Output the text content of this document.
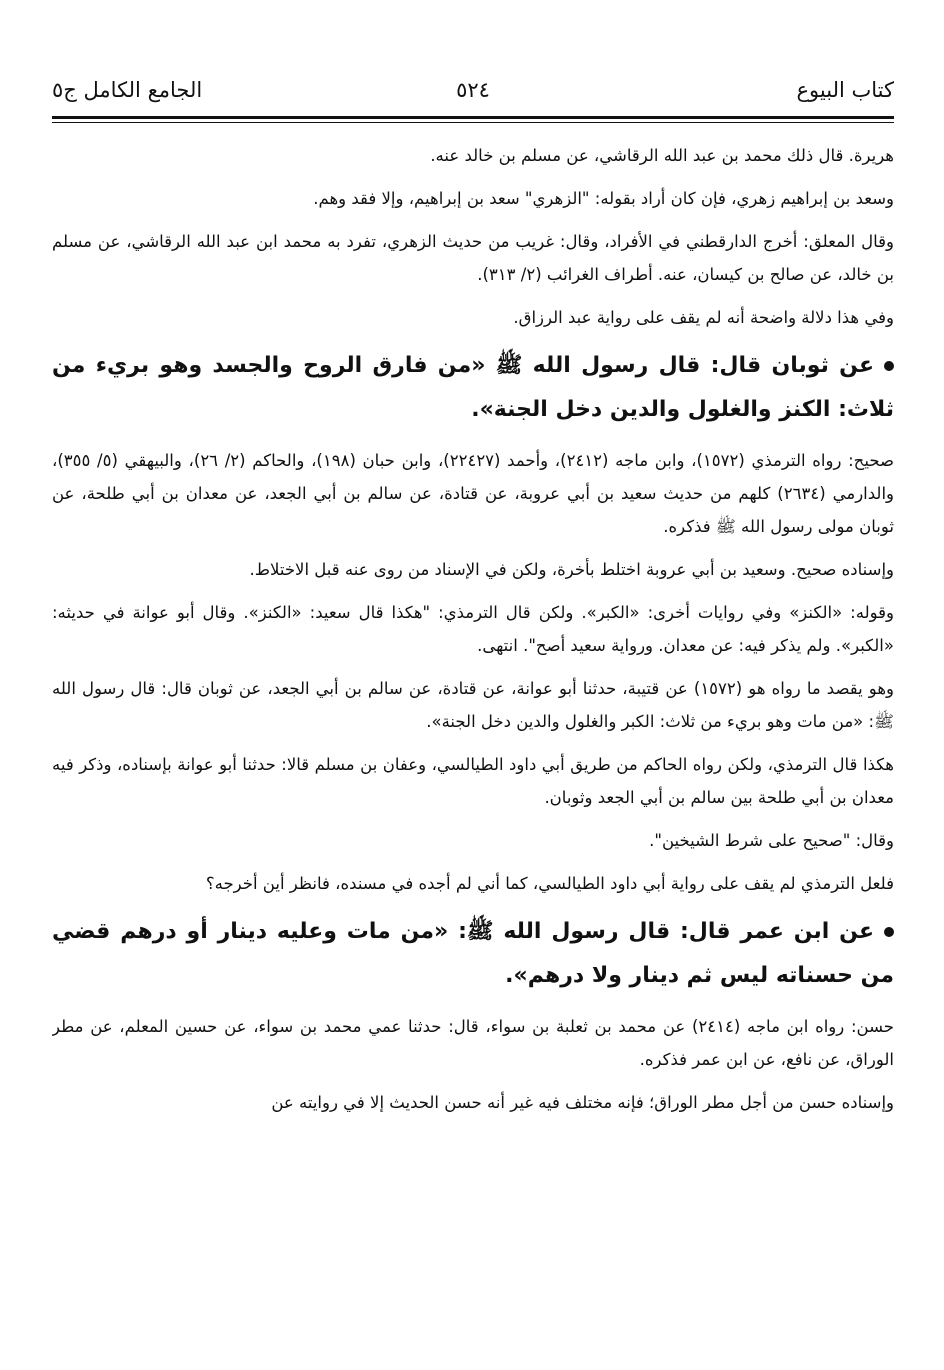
كتاب البيوع
٥٢٤
الجامع الكامل ج٥

هريرة. قال ذلك محمد بن عبد الله الرقاشي، عن مسلم بن خالد عنه.

وسعد بن إبراهيم زهري، فإن كان أراد بقوله: "الزهري" سعد بن إبراهيم، وإلا فقد وهم.

وقال المعلق: أخرج الدارقطني في الأفراد، وقال: غريب من حديث الزهري، تفرد به محمد ابن عبد الله الرقاشي، عن مسلم بن خالد، عن صالح بن كيسان، عنه. أطراف الغرائب (٢/ ٣١٣).

وفي هذا دلالة واضحة أنه لم يقف على رواية عبد الرزاق.

عن ثوبان قال: قال رسول الله ﷺ «من فارق الروح والجسد وهو بريء من ثلاث: الكنز والغلول والدين دخل الجنة».

صحيح: رواه الترمذي (١٥٧٢)، وابن ماجه (٢٤١٢)، وأحمد (٢٢٤٢٧)، وابن حبان (١٩٨)، والحاكم (٢/ ٢٦)، والبيهقي (٥/ ٣٥٥)، والدارمي (٢٦٣٤) كلهم من حديث سعيد بن أبي عروبة، عن قتادة، عن سالم بن أبي الجعد، عن معدان بن أبي طلحة، عن ثوبان مولى رسول الله ﷺ فذكره.

وإسناده صحيح. وسعيد بن أبي عروبة اختلط بأخرة، ولكن في الإسناد من روى عنه قبل الاختلاط.

وقوله: «الكنز» وفي روايات أخرى: «الكبر». ولكن قال الترمذي: "هكذا قال سعيد: «الكنز». وقال أبو عوانة في حديثه: «الكبر». ولم يذكر فيه: عن معدان. ورواية سعيد أصح". انتهى.

وهو يقصد ما رواه هو (١٥٧٢) عن قتيبة، حدثنا أبو عوانة، عن قتادة، عن سالم بن أبي الجعد، عن ثوبان قال: قال رسول الله ﷺ: «من مات وهو بريء من ثلاث: الكبر والغلول والدين دخل الجنة».

هكذا قال الترمذي، ولكن رواه الحاكم من طريق أبي داود الطيالسي، وعفان بن مسلم قالا: حدثنا أبو عوانة بإسناده، وذكر فيه معدان بن أبي طلحة بين سالم بن أبي الجعد وثوبان.

وقال: "صحيح على شرط الشيخين".

فلعل الترمذي لم يقف على رواية أبي داود الطيالسي، كما أني لم أجده في مسنده، فانظر أين أخرجه؟

عن ابن عمر قال: قال رسول الله ﷺ: «من مات وعليه دينار أو درهم قضي من حسناته ليس ثم دينار ولا درهم».

حسن: رواه ابن ماجه (٢٤١٤) عن محمد بن ثعلبة بن سواء، قال: حدثنا عمي محمد بن سواء، عن حسين المعلم، عن مطر الوراق، عن نافع، عن ابن عمر فذكره.

وإسناده حسن من أجل مطر الوراق؛ فإنه مختلف فيه غير أنه حسن الحديث إلا في روايته عن
